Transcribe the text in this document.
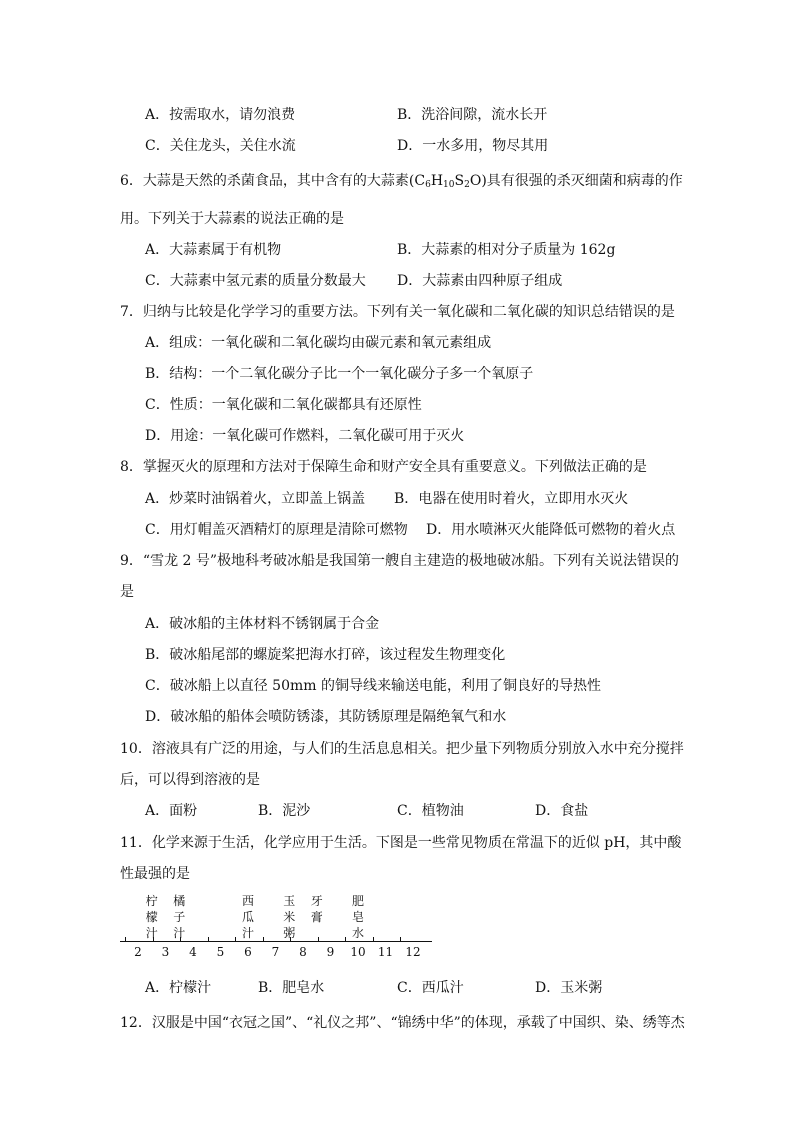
A．按需取水，请勿浪费	B．洗浴间隙，流水长开
C．关住龙头，关住水流	D．一水多用，物尽其用
6．大蒜是天然的杀菌食品，其中含有的大蒜素$(C_6H_{10}S_2O)$具有很强的杀灭细菌和病毒的作
用。下列关于大蒜素的说法正确的是
A．大蒜素属于有机物	B．大蒜素的相对分子质量为 162g
C．大蒜素中氢元素的质量分数最大 D．大蒜素由四种原子组成
7．归纳与比较是化学学习的重要方法。下列有关一氧化碳和二氧化碳的知识总结错误的是
A．组成：一氧化碳和二氧化碳均由碳元素和氧元素组成
B．结构：一个二氧化碳分子比一个一氧化碳分子多一个氧原子
C．性质：一氧化碳和二氧化碳都具有还原性
D．用途：一氧化碳可作燃料，二氧化碳可用于灭火
8．掌握灭火的原理和方法对于保障生命和财产安全具有重要意义。下列做法正确的是
A．炒菜时油锅着火，立即盖上锅盖 B．电器在使用时着火，立即用水灭火
C．用灯帽盖灭酒精灯的原理是清除可燃物 D．用水喷淋灭火能降低可燃物的着火点
9．“雪龙 2 号”极地科考破冰船是我国第一艘自主建造的极地破冰船。下列有关说法错误的
是
A．破冰船的主体材料不锈钢属于合金
B．破冰船尾部的螺旋桨把海水打碎，该过程发生物理变化
C．破冰船上以直径 50mm 的铜导线来输送电能，利用了铜良好的导热性
D．破冰船的船体会喷防锈漆，其防锈原理是隔绝氧气和水
10．溶液具有广泛的用途，与人们的生活息息相关。把少量下列物质分别放入水中充分搅拌
后，可以得到溶液的是
A．面粉	B．泥沙	C．植物油	D．食盐
11．化学来源于生活，化学应用于生活。下图是一些常见物质在常温下的近似 pH，其中酸
性最强的是
2 3 4 5 6 7 8 9 10 11 12
柠
檬
汁
橘
子
汁
西
瓜
汁
玉
米
粥
牙
膏
肥
皂
水
A．柠檬汁	B．肥皂水	C．西瓜汁	D．玉米粥
12．汉服是中国“衣冠之国”、“礼仪之邦”、“锦绣中华”的体现，承载了中国织、染、绣等杰
